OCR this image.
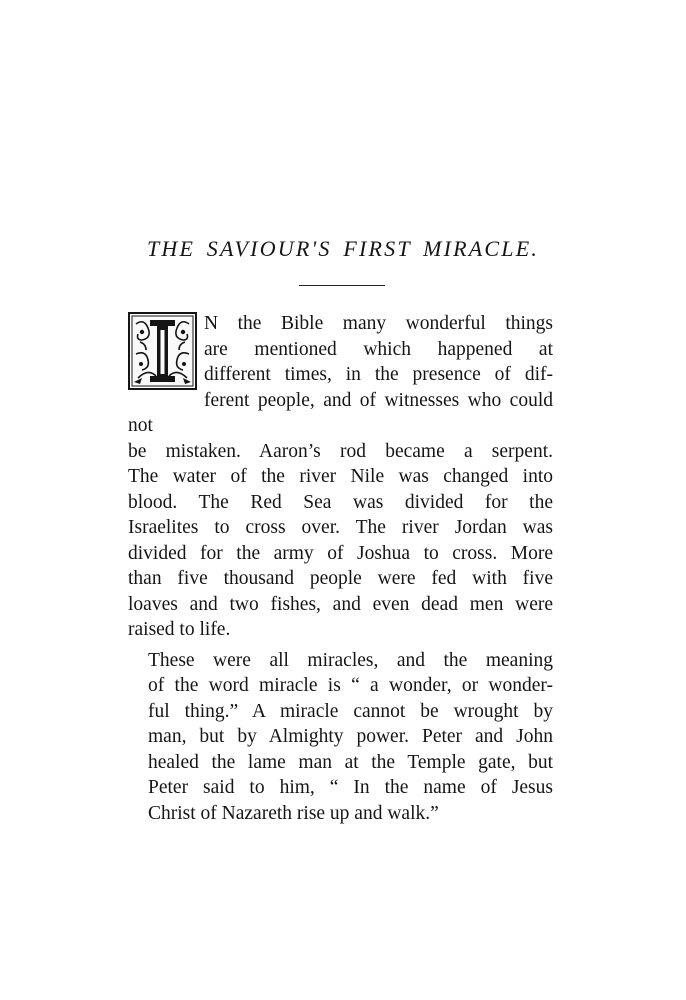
THE SAVIOUR'S FIRST MIRACLE.

N the Bible many wonderful things
are mentioned which happened at
different times, in the presence of dif-
ferent people, and of witnesses who could not
be mistaken. Aaron’s rod became a serpent.
The water of the river Nile was changed into
blood. The Red Sea was divided for the
Israelites to cross over. The river Jordan was
divided for the army of Joshua to cross. More
than five thousand people were fed with five
loaves and two fishes, and even dead men were
raised to life.

These were all miracles, and the meaning
of the word miracle is “ a wonder, or wonder-
ful thing.” A miracle cannot be wrought by
man, but by Almighty power. Peter and John
healed the lame man at the Temple gate, but
Peter said to him, “ In the name of Jesus
Christ of Nazareth rise up and walk.”
